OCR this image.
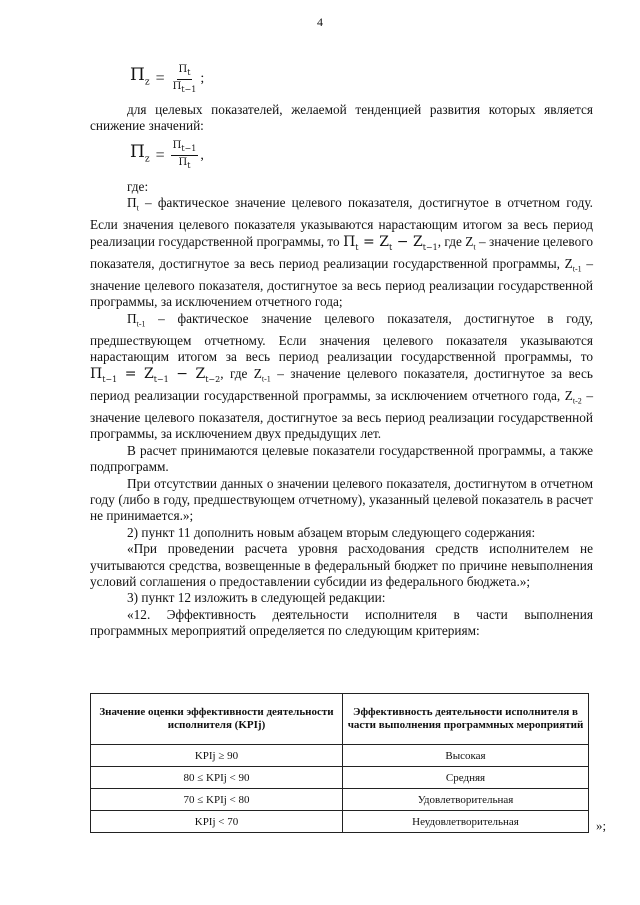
4
$П_z = \frac{П_t}{П_{t-1}}$ ;

для целевых показателей, желаемой тенденцией развития которых является снижение значений:

$П_z = \frac{П_{t-1}}{П_t}$ ,

где:

$П_t$ – фактическое значение целевого показателя, достигнутое в отчетном году. Если значения целевого показателя указываются нарастающим итогом за весь период реализации государственной программы, то $П_t = Z_t - Z_{t-1}$, где $Z_t$ – значение целевого показателя, достигнутое за весь период реализации государственной программы, $Z_{t-1}$ – значение целевого показателя, достигнутое за весь период реализации государственной программы, за исключением отчетного года;

$П_{t-1}$ – фактическое значение целевого показателя, достигнутое в году, предшествующем отчетному. Если значения целевого показателя указываются нарастающим итогом за весь период реализации государственной программы, то $П_{t-1} = Z_{t-1} - Z_{t-2}$, где $Z_{t-1}$ – значение целевого показателя, достигнутое за весь период реализации государственной программы, за исключением отчетного года, $Z_{t-2}$ – значение целевого показателя, достигнутое за весь период реализации государственной программы, за исключением двух предыдущих лет.

В расчет принимаются целевые показатели государственной программы, а также подпрограмм.

При отсутствии данных о значении целевого показателя, достигнутом в отчетном году (либо в году, предшествующем отчетному), указанный целевой показатель в расчет не принимается.»;

2) пункт 11 дополнить новым абзацем вторым следующего содержания:

«При проведении расчета уровня расходования средств исполнителем не учитываются средства, возвещенные в федеральный бюджет по причине невыполнения условий соглашения о предоставлении субсидии из федерального бюджета.»;

3) пункт 12 изложить в следующей редакции:

«12. Эффективность деятельности исполнителя в части выполнения программных мероприятий определяется по следующим критериям:

Значение оценки эффективности деятельности исполнителя (KPIj)	Эффективность деятельности исполнителя в части выполнения программных мероприятий
KPIj ≥ 90	Высокая
80 ≤ KPIj < 90	Средняя
70 ≤ KPIj < 80	Удовлетворительная
KPIj < 70	Неудовлетворительная	»;
